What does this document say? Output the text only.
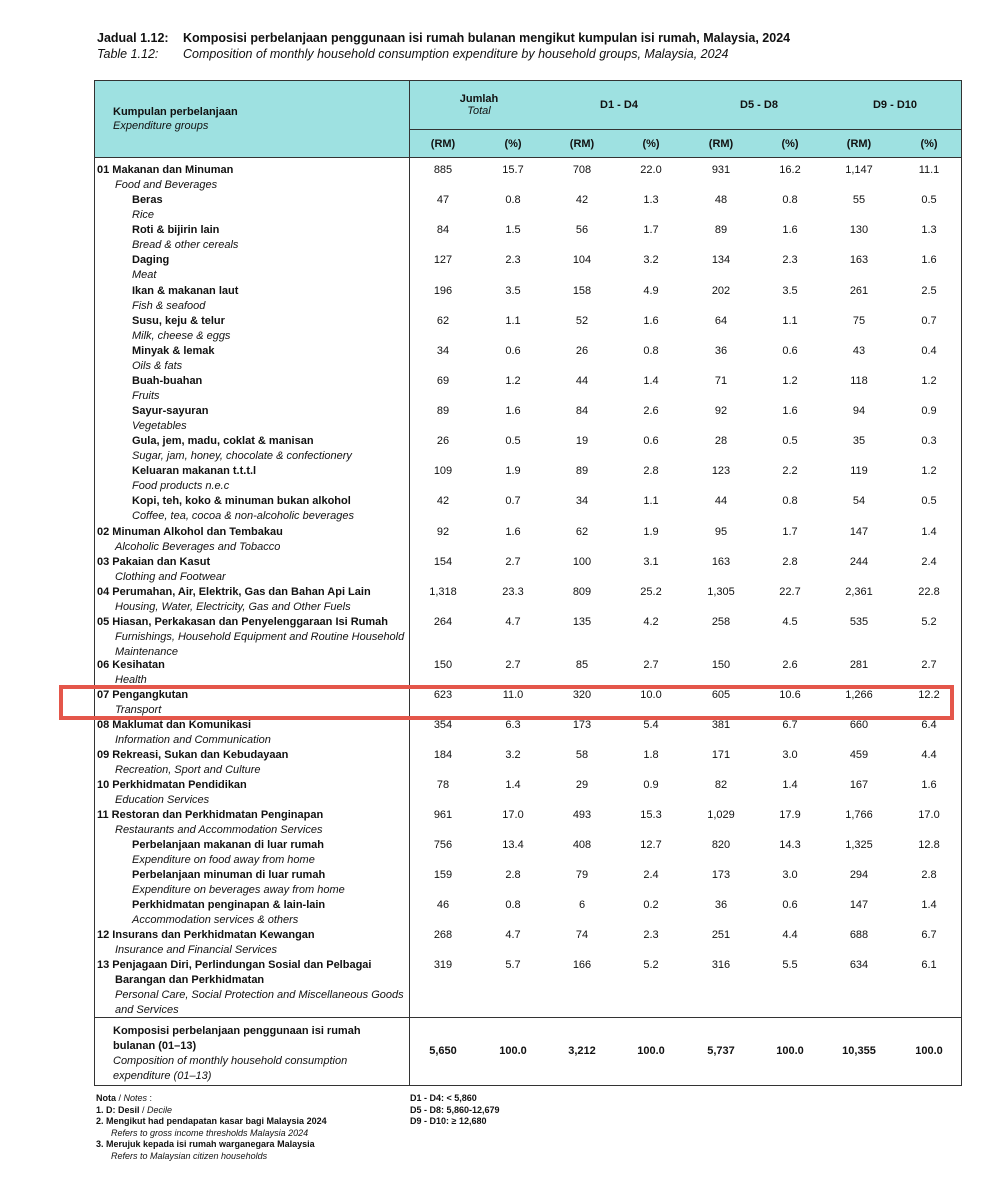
Jadual 1.12:	Komposisi perbelanjaan penggunaan isi rumah bulanan mengikut kumpulan isi rumah, Malaysia, 2024
Table 1.12:	Composition of monthly household consumption expenditure by household groups, Malaysia, 2024
Kumpulan perbelanjaan
Expenditure groups
Jumlah
Total	D1 - D4	D5 - D8	D9 - D10
(RM)	(%)	(RM)	(%)	(RM)	(%)	(RM)	(%)
01 Makanan dan Minuman
Food and Beverages
885	15.7	708	22.0	931	16.2	1,147	11.1
Beras
Rice
47	0.8	42	1.3	48	0.8	55	0.5
Roti & bijirin lain
Bread & other cereals
84	1.5	56	1.7	89	1.6	130	1.3
Daging
Meat
127	2.3	104	3.2	134	2.3	163	1.6
Ikan & makanan laut
Fish & seafood
196	3.5	158	4.9	202	3.5	261	2.5
Susu, keju & telur
Milk, cheese & eggs
62	1.1	52	1.6	64	1.1	75	0.7
Minyak & lemak
Oils & fats
34	0.6	26	0.8	36	0.6	43	0.4
Buah-buahan
Fruits
69	1.2	44	1.4	71	1.2	118	1.2
Sayur-sayuran
Vegetables
89	1.6	84	2.6	92	1.6	94	0.9
Gula, jem, madu, coklat & manisan
Sugar, jam, honey, chocolate & confectionery
26	0.5	19	0.6	28	0.5	35	0.3
Keluaran makanan t.t.t.l
Food products n.e.c
109	1.9	89	2.8	123	2.2	119	1.2
Kopi, teh, koko & minuman bukan alkohol
Coffee, tea, cocoa & non-alcoholic beverages
42	0.7	34	1.1	44	0.8	54	0.5
02 Minuman Alkohol dan Tembakau
Alcoholic Beverages and Tobacco
92	1.6	62	1.9	95	1.7	147	1.4
03 Pakaian dan Kasut
Clothing and Footwear
154	2.7	100	3.1	163	2.8	244	2.4
04 Perumahan, Air, Elektrik, Gas dan Bahan Api Lain
Housing, Water, Electricity, Gas and Other Fuels
1,318	23.3	809	25.2	1,305	22.7	2,361	22.8
05 Hiasan, Perkakasan dan Penyelenggaraan Isi Rumah
Furnishings, Household Equipment and Routine Household Maintenance
264	4.7	135	4.2	258	4.5	535	5.2
06 Kesihatan
Health
150	2.7	85	2.7	150	2.6	281	2.7
07 Pengangkutan
Transport
623	11.0	320	10.0	605	10.6	1,266	12.2
08 Maklumat dan Komunikasi
Information and Communication
354	6.3	173	5.4	381	6.7	660	6.4
09 Rekreasi, Sukan dan Kebudayaan
Recreation, Sport and Culture
184	3.2	58	1.8	171	3.0	459	4.4
10 Perkhidmatan Pendidikan
Education Services
78	1.4	29	0.9	82	1.4	167	1.6
11 Restoran dan Perkhidmatan Penginapan
Restaurants and Accommodation Services
961	17.0	493	15.3	1,029	17.9	1,766	17.0
Perbelanjaan makanan di luar rumah
Expenditure on food away from home
756	13.4	408	12.7	820	14.3	1,325	12.8
Perbelanjaan minuman di luar rumah
Expenditure on beverages away from home
159	2.8	79	2.4	173	3.0	294	2.8
Perkhidmatan penginapan & lain-lain
Accommodation services & others
46	0.8	6	0.2	36	0.6	147	1.4
12 Insurans dan Perkhidmatan Kewangan
Insurance and Financial Services
268	4.7	74	2.3	251	4.4	688	6.7
13 Penjagaan Diri, Perlindungan Sosial dan Pelbagai Barangan dan Perkhidmatan
Personal Care, Social Protection and Miscellaneous Goods and Services
319	5.7	166	5.2	316	5.5	634	6.1
Komposisi perbelanjaan penggunaan isi rumah bulanan (01–13)
Composition of monthly household consumption expenditure (01–13)
5,650	100.0	3,212	100.0	5,737	100.0	10,355	100.0
Nota / Notes :
1. D: Desil / Decile
2. Mengikut had pendapatan kasar bagi Malaysia 2024
Refers to gross income thresholds Malaysia 2024
3. Merujuk kepada isi rumah warganegara Malaysia
Refers to Malaysian citizen households
D1 - D4: < 5,860
D5 - D8: 5,860-12,679
D9 - D10: ≥ 12,680
